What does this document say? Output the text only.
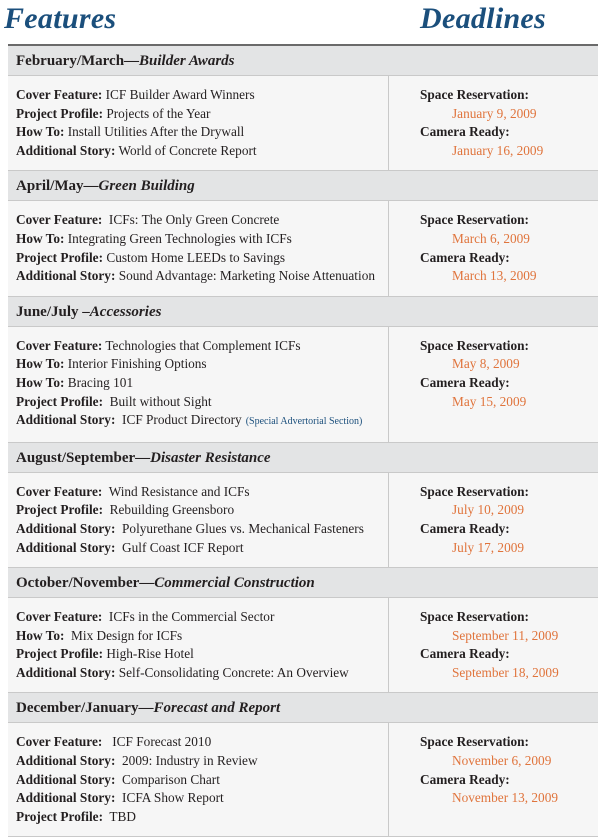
Features	Deadlines
February/March—Builder Awards
Cover Feature: ICF Builder Award Winners
Project Profile: Projects of the Year
How To: Install Utilities After the Drywall
Additional Story: World of Concrete Report
Space Reservation:
January 9, 2009
Camera Ready:
January 16, 2009
April/May—Green Building
Cover Feature:  ICFs: The Only Green Concrete
How To: Integrating Green Technologies with ICFs
Project Profile: Custom Home LEEDs to Savings
Additional Story: Sound Advantage: Marketing Noise Attenuation
Space Reservation:
March 6, 2009
Camera Ready:
March 13, 2009
June/July –Accessories
Cover Feature: Technologies that Complement ICFs
How To: Interior Finishing Options
How To: Bracing 101
Project Profile:  Built without Sight
Additional Story:  ICF Product Directory (Special Advertorial Section)
Space Reservation:
May 8, 2009
Camera Ready:
May 15, 2009
August/September—Disaster Resistance
Cover Feature:  Wind Resistance and ICFs
Project Profile:  Rebuilding Greensboro
Additional Story:  Polyurethane Glues vs. Mechanical Fasteners
Additional Story:  Gulf Coast ICF Report
Space Reservation:
July 10, 2009
Camera Ready:
July 17, 2009
October/November—Commercial Construction
Cover Feature:  ICFs in the Commercial Sector
How To:  Mix Design for ICFs
Project Profile: High-Rise Hotel
Additional Story: Self-Consolidating Concrete: An Overview
Space Reservation:
September 11, 2009
Camera Ready:
September 18, 2009
December/January—Forecast and Report
Cover Feature:   ICF Forecast 2010
Additional Story:  2009: Industry in Review
Additional Story:  Comparison Chart
Additional Story:  ICFA Show Report
Project Profile:  TBD
Space Reservation:
November 6, 2009
Camera Ready:
November 13, 2009
